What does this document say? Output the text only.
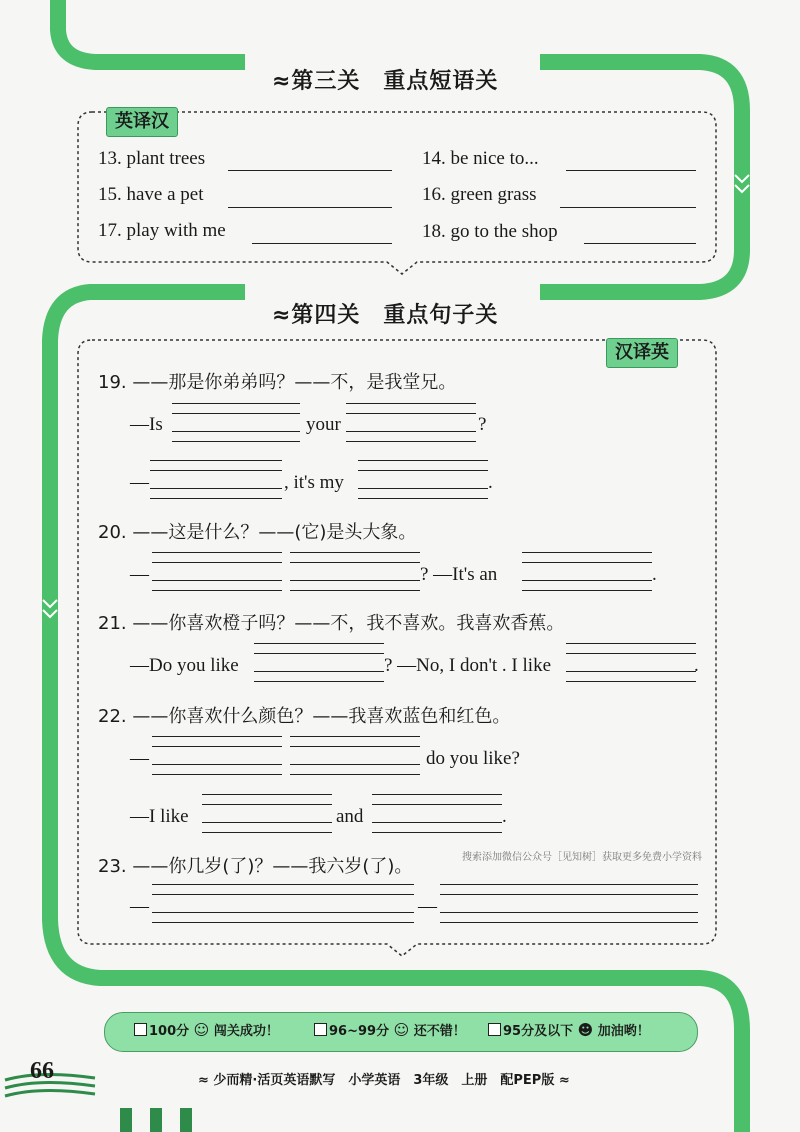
≈第三关　重点短语关
英译汉
13. plant trees	14. be nice to...
15. have a pet	16. green grass
17. play with me	18. go to the shop
≈第四关　重点句子关
汉译英
19. ——那是你弟弟吗？——不，是我堂兄。
—Is	your	?
—	, it's my	.
20. ——这是什么？——(它)是头大象。
—	? —It's an	.
21. ——你喜欢橙子吗？——不，我不喜欢。我喜欢香蕉。
—Do you like	? —No, I don't . I like	.
22. ——你喜欢什么颜色？——我喜欢蓝色和红色。
—	do you like?
—I like	and	.
搜索添加微信公众号［见知树］获取更多免费小学资料
23. ——你几岁(了)？——我六岁(了)。
—	—
100分 ☺ 闯关成功！	96~99分 ☺ 还不错！	95分及以下 ☻ 加油哟！
66	≈ 少而精·活页英语默写　小学英语　3年级　上册　配PEP版 ≈
